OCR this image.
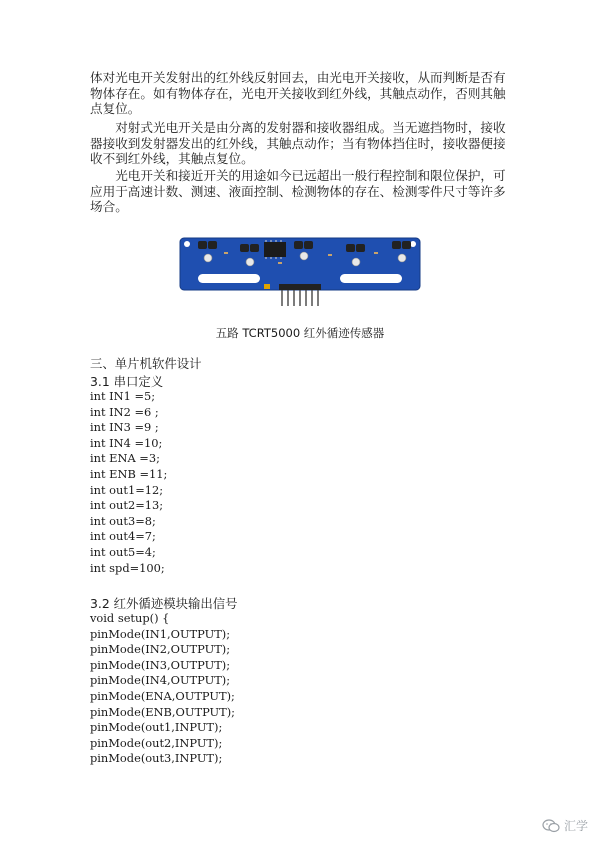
体对光电开关发射出的红外线反射回去，由光电开关接收，从而判断是否有物体存在。如有物体存在，光电开关接收到红外线，其触点动作，否则其触点复位。

对射式光电开关是由分离的发射器和接收器组成。当无遮挡物时，接收器接收到发射器发出的红外线，其触点动作；当有物体挡住时，接收器便接收不到红外线，其触点复位。

光电开关和接近开关的用途如今已远超出一般行程控制和限位保护，可应用于高速计数、测速、液面控制、检测物体的存在、检测零件尺寸等许多场合。

五路 TCRT5000 红外循迹传感器
三、单片机软件设计
3.1 串口定义
int IN1 =5;
int IN2 =6 ;
int IN3 =9 ;
int IN4 =10;
int ENA =3;
int ENB =11;
int out1=12;
int out2=13;
int out3=8;
int out4=7;
int out5=4;
int spd=100;
3.2 红外循迹模块输出信号
void setup() {
pinMode(IN1,OUTPUT);
pinMode(IN2,OUTPUT);
pinMode(IN3,OUTPUT);
pinMode(IN4,OUTPUT);
pinMode(ENA,OUTPUT);
pinMode(ENB,OUTPUT);
pinMode(out1,INPUT);
pinMode(out2,INPUT);
pinMode(out3,INPUT);
汇学
